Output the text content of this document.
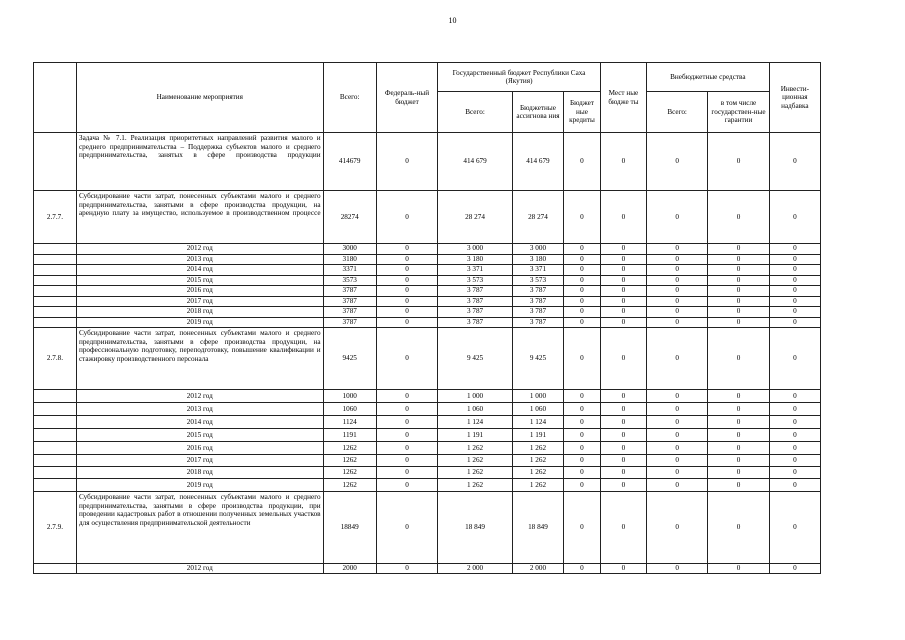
10
	Наименование мероприятия	Всего:	Федераль-ный бюджет	Государственный бюджет Республики Саха (Якутия)			Мест ные бюдже ты	Внебюджетные средства		Инвести-ционная надбавка
				Всего:	Бюджетные ассигнова ния	Бюджет ные кредиты		Всего:	в том числе государствен-ные гарантии	
	Задача № 7.1. Реализация приоритетных направлений развития малого и среднего предпринимательства – Поддержка субъектов малого и среднего предпринимательства, занятых в сфере производства продукции	414679	0	414 679	414 679	0	0	0	0	0
2.7.7.	Субсидирование части затрат, понесенных субъектами малого и среднего предпринимательства, занятыми в сфере производства продукции, на арендную плату за имущество, используемое в производственном процессе	28274	0	28 274	28 274	0	0	0	0	0
	2012 год	3000	0	3 000	3 000	0	0	0	0	0
	2013 год	3180	0	3 180	3 180	0	0	0	0	0
	2014 год	3371	0	3 371	3 371	0	0	0	0	0
	2015 год	3573	0	3 573	3 573	0	0	0	0	0
	2016 год	3787	0	3 787	3 787	0	0	0	0	0
	2017 год	3787	0	3 787	3 787	0	0	0	0	0
	2018 год	3787	0	3 787	3 787	0	0	0	0	0
	2019 год	3787	0	3 787	3 787	0	0	0	0	0
2.7.8.	Субсидирование части затрат, понесенных субъектами малого и среднего предпринимательства, занятыми в сфере производства продукции, на профессиональную подготовку, переподготовку, повышение квалификации и стажировку производственного персонала	9425	0	9 425	9 425	0	0	0	0	0
	2012 год	1000	0	1 000	1 000	0	0	0	0	0
	2013 год	1060	0	1 060	1 060	0	0	0	0	0
	2014 год	1124	0	1 124	1 124	0	0	0	0	0
	2015 год	1191	0	1 191	1 191	0	0	0	0	0
	2016 год	1262	0	1 262	1 262	0	0	0	0	0
	2017 год	1262	0	1 262	1 262	0	0	0	0	0
	2018 год	1262	0	1 262	1 262	0	0	0	0	0
	2019 год	1262	0	1 262	1 262	0	0	0	0	0
2.7.9.	Субсидирование части затрат, понесенных субъектами малого и среднего предпринимательства, занятыми в сфере производства продукции, при проведении кадастровых работ в отношении полученных земельных участков для осуществления предпринимательской деятельности	18849	0	18 849	18 849	0	0	0	0	0
	2012 год	2000	0	2 000	2 000	0	0	0	0	0
